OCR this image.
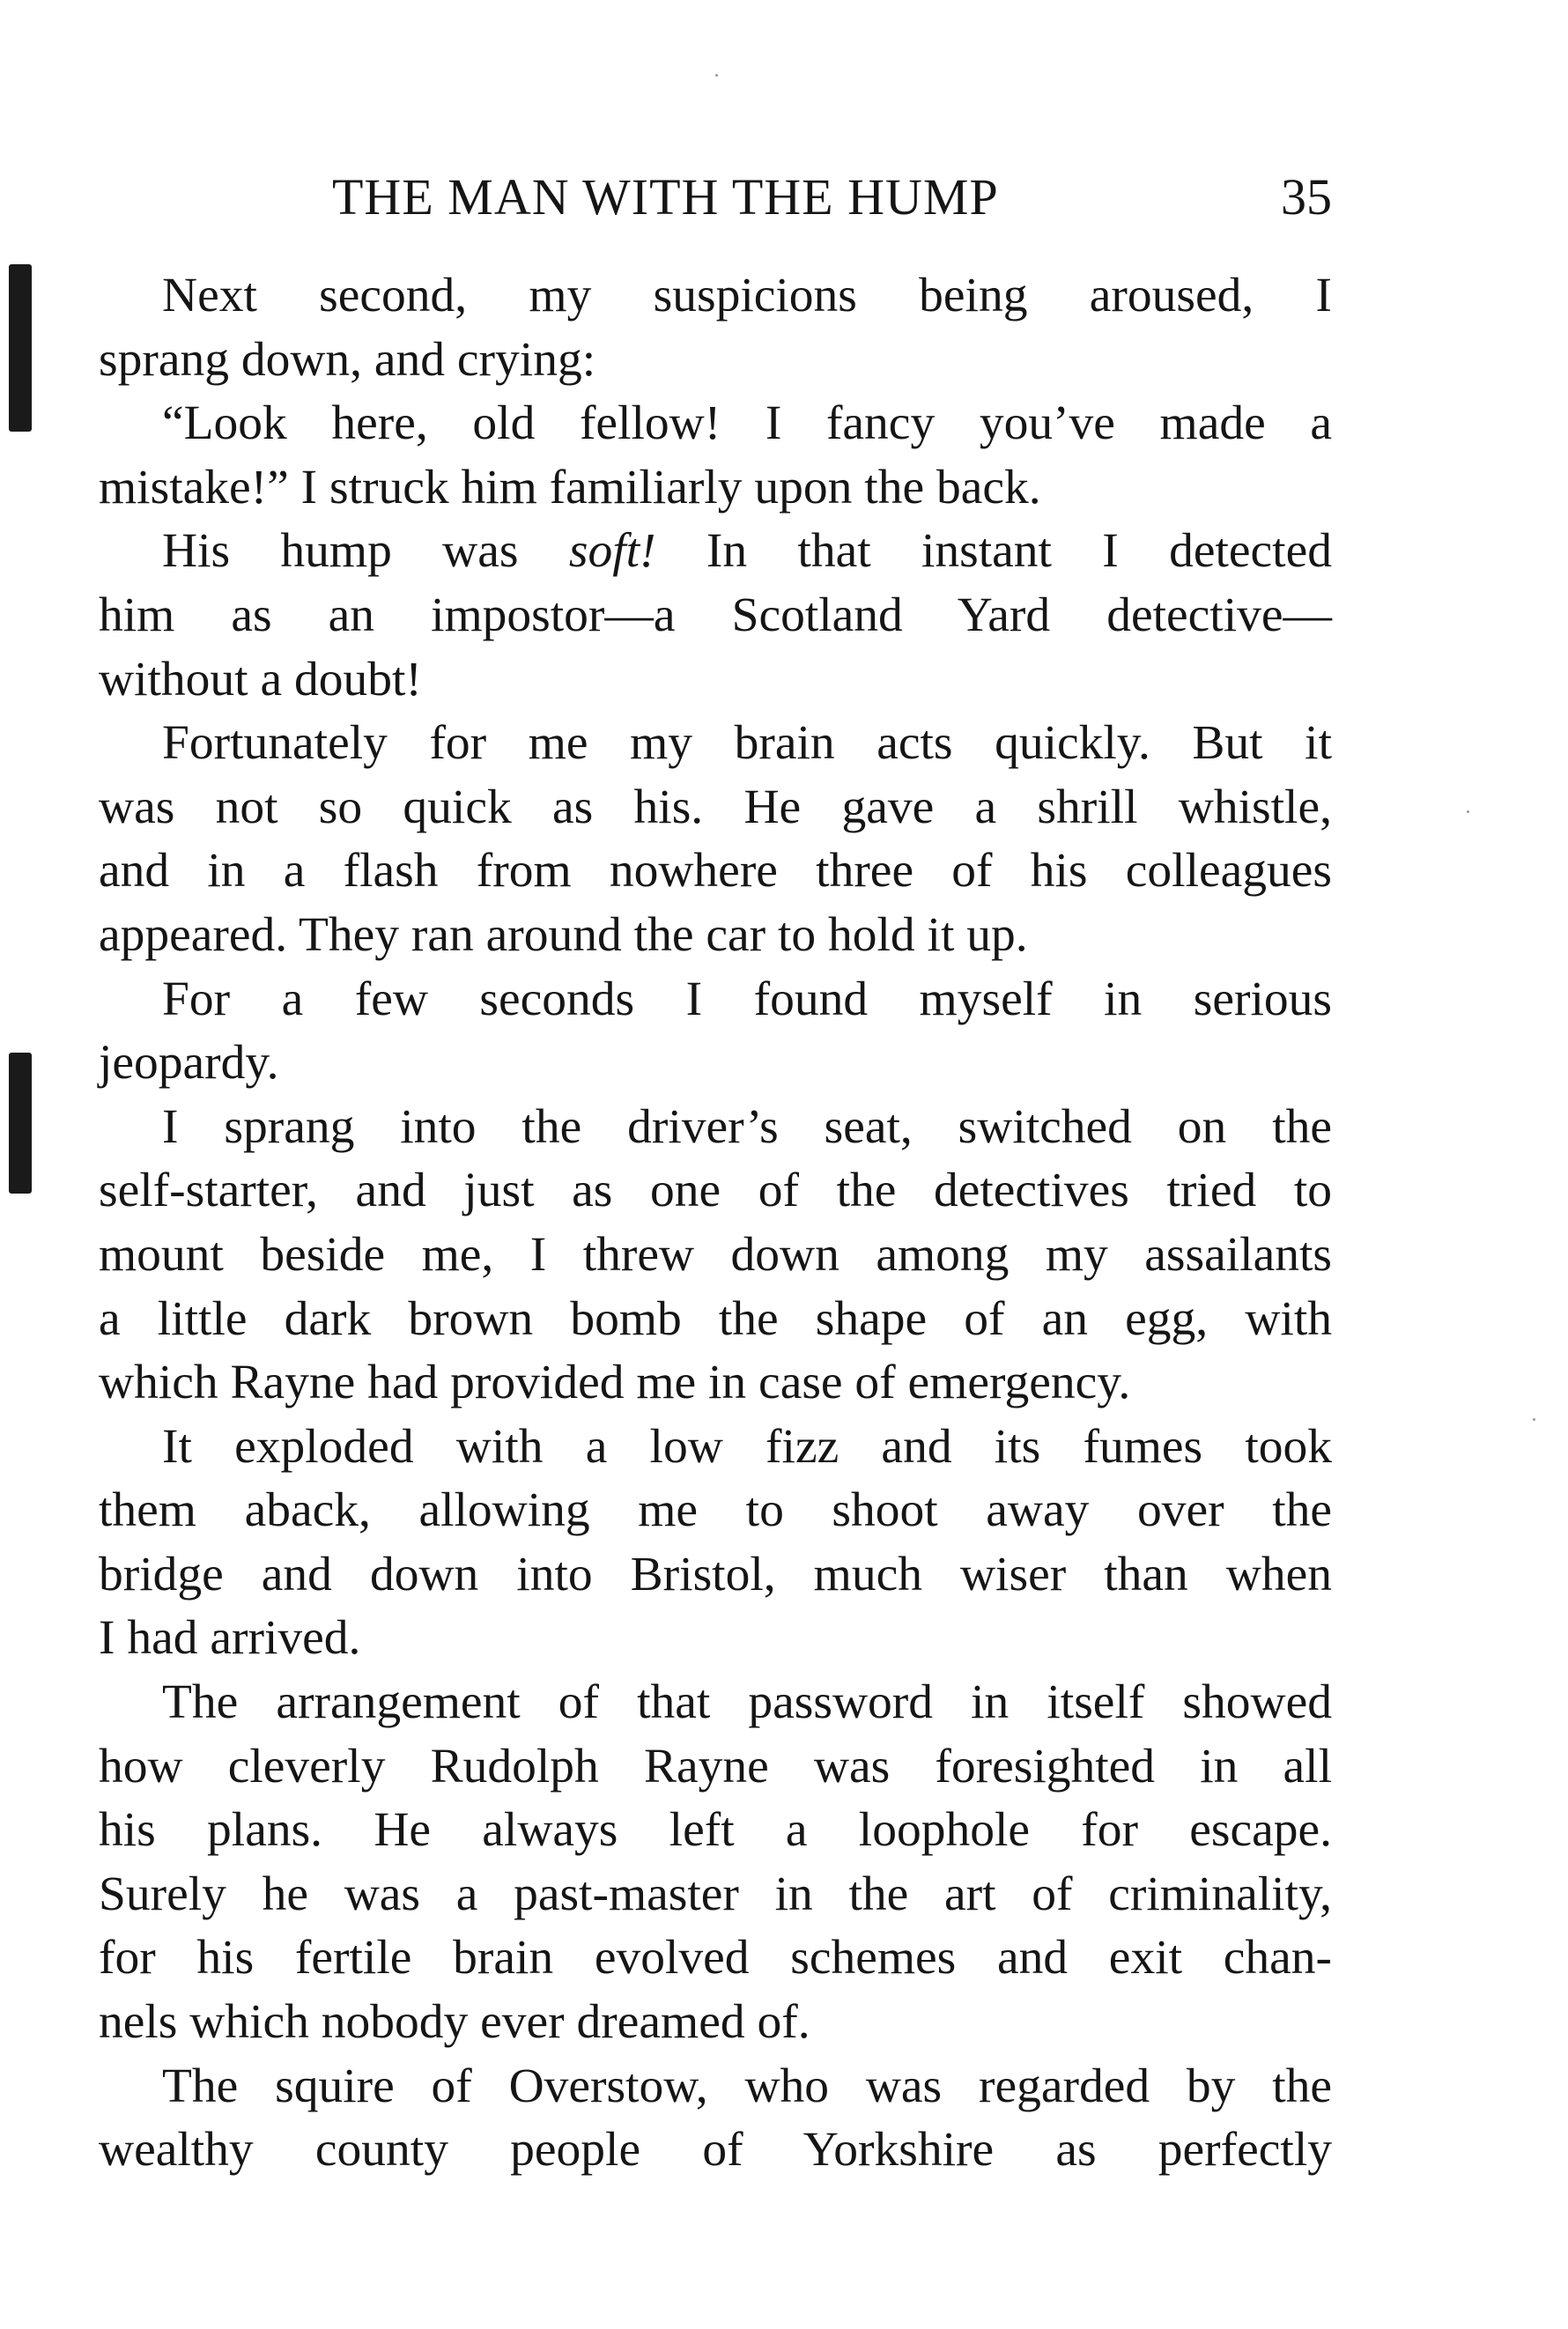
THE MAN WITH THE HUMP	35
Next second, my suspicions being aroused, I
sprang down, and crying:
“Look here, old fellow! I fancy you’ve made a
mistake!” I struck him familiarly upon the back.
His hump was soft! In that instant I detected
him as an impostor—a Scotland Yard detective—
without a doubt!
Fortunately for me my brain acts quickly. But it
was not so quick as his. He gave a shrill whistle,
and in a flash from nowhere three of his colleagues
appeared. They ran around the car to hold it up.
For a few seconds I found myself in serious
jeopardy.
I sprang into the driver’s seat, switched on the
self-starter, and just as one of the detectives tried to
mount beside me, I threw down among my assailants
a little dark brown bomb the shape of an egg, with
which Rayne had provided me in case of emergency.
It exploded with a low fizz and its fumes took
them aback, allowing me to shoot away over the
bridge and down into Bristol, much wiser than when
I had arrived.
The arrangement of that password in itself showed
how cleverly Rudolph Rayne was foresighted in all
his plans. He always left a loophole for escape.
Surely he was a past-master in the art of criminality,
for his fertile brain evolved schemes and exit chan-
nels which nobody ever dreamed of.
The squire of Overstow, who was regarded by the
wealthy county people of Yorkshire as perfectly
